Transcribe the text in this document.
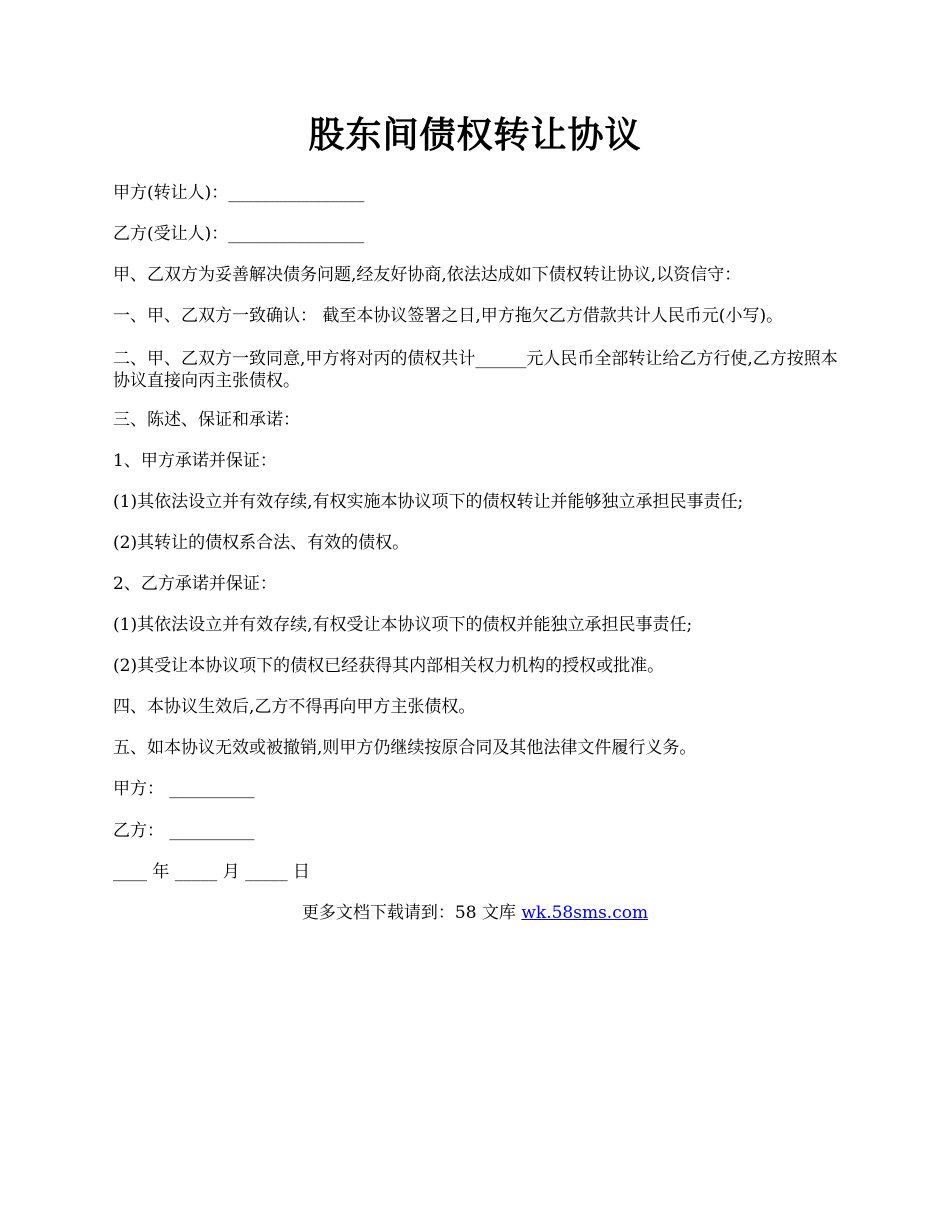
股东间债权转让协议
甲方(转让人)：________________
乙方(受让人)：________________
甲、乙双方为妥善解决债务问题,经友好协商,依法达成如下债权转让协议,以资信守：
一、甲、乙双方一致确认： 截至本协议签署之日,甲方拖欠乙方借款共计人民币元(小写)。
二、甲、乙双方一致同意,甲方将对丙的债权共计______元人民币全部转让给乙方行使,乙方按照本协议直接向丙主张债权。
三、陈述、保证和承诺：
1、甲方承诺并保证：
(1)其依法设立并有效存续,有权实施本协议项下的债权转让并能够独立承担民事责任;
(2)其转让的债权系合法、有效的债权。
2、乙方承诺并保证：
(1)其依法设立并有效存续,有权受让本协议项下的债权并能独立承担民事责任;
(2)其受让本协议项下的债权已经获得其内部相关权力机构的授权或批准。
四、本协议生效后,乙方不得再向甲方主张债权。
五、如本协议无效或被撤销,则甲方仍继续按原合同及其他法律文件履行义务。
甲方： __________
乙方： __________
____ 年 _____ 月 _____ 日
更多文档下载请到：58 文库 wk.58sms.com
